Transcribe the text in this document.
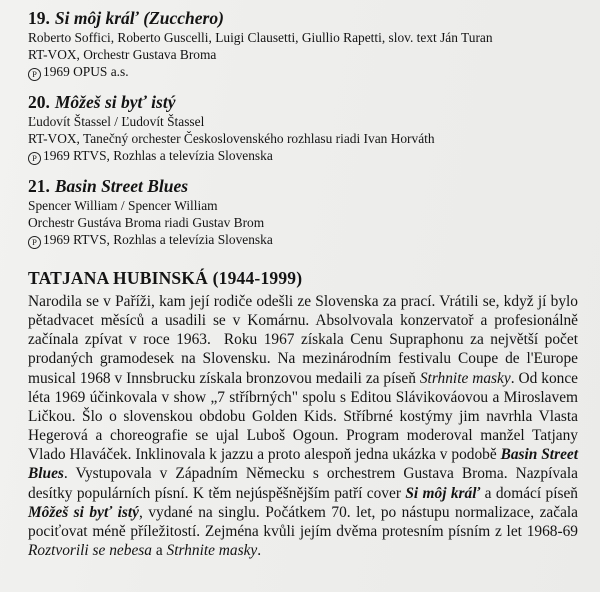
19. Si môj kráľ (Zucchero)
Roberto Soffici, Roberto Guscelli, Luigi Clausetti, Giullio Rapetti, slov. text Ján Turan
RT-VOX, Orchestr Gustava Broma
P 1969 OPUS a.s.
20. Môžeš si byť istý
Ľudovít Štassel / Ľudovít Štassel
RT-VOX, Tanečný orchester Československého rozhlasu riadi Ivan Horváth
P 1969 RTVS, Rozhlas a televízia Slovenska
21. Basin Street Blues
Spencer William / Spencer William
Orchestr Gustáva Broma riadi Gustav Brom
P 1969 RTVS, Rozhlas a televízia Slovenska
TATJANA HUBINSKÁ (1944-1999)
Narodila se v Paříži, kam její rodiče odešli ze Slovenska za prací. Vrátili se, když jí bylo pětadvacet měsíců a usadili se v Komárnu. Absolvovala konzervatoř a profesionálně začínala zpívat v roce 1963.  Roku 1967 získala Cenu Supraphonu za největší počet prodaných gramodesek na Slovensku. Na mezinárodním festivalu Coupe de l'Europe musical 1968 v Innsbrucku získala bronzovou medaili za píseň Strhnite masky. Od konce léta 1969 účinkovala v show „7 stříbrných" spolu s Editou Slávikováovou a Miroslavem Ličkou. Šlo o slovenskou obdobu Golden Kids. Stříbrné kostýmy jim navrhla Vlasta Hegerová a choreografie se ujal Luboš Ogoun. Program moderoval manžel Tatjany Vlado Hlaváček. Inklinovala k jazzu a proto alespoň jedna ukázka v podobě Basin Street Blues. Vystupovala v Západním Německu s orchestrem Gustava Broma. Nazpívala desítky populárních písní. K těm nejúspěšnějším patří cover Si môj kráľ a domácí píseň Môžeš si byť istý, vydané na singlu. Počátkem 70. let, po nástupu normalizace, začala pociťovat méně příležitostí. Zejména kvůli jejím dvěma protesním písním z let 1968-69 Roztvorili se nebesa a Strhnite masky.
